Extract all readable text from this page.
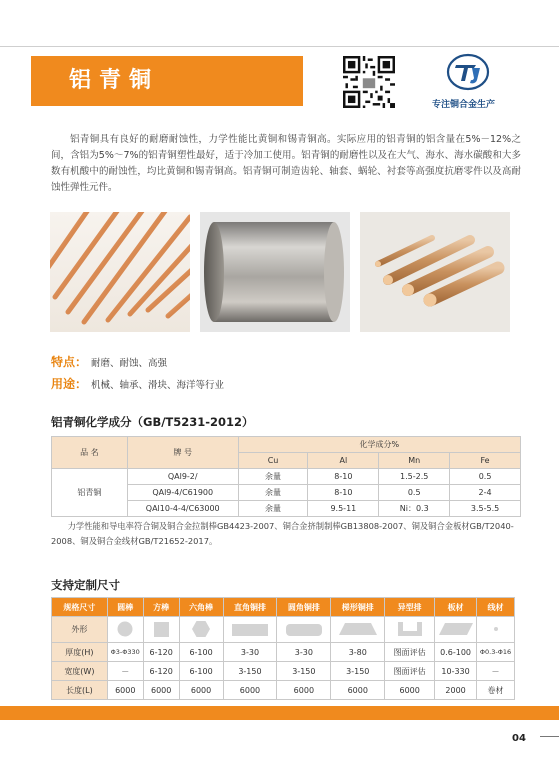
铝青铜
专注铜合金生产

铝青铜具有良好的耐磨耐蚀性，力学性能比黄铜和锡青铜高。实际应用的铝青铜的铝含量在5%－12%之间，含铝为5%～7%的铝青铜塑性最好，适于冷加工使用。铝青铜的耐磨性以及在大气、海水、海水碳酸和大多数有机酸中的耐蚀性，均比黄铜和锡青铜高。铝青铜可制造齿轮、轴套、蜗轮、衬套等高强度抗磨零件以及高耐蚀性弹性元件。

特点： 耐磨、耐蚀、高强
用途： 机械、轴承、滑块、海洋等行业
铝青铜化学成分（GB/T5231-2012）
品 名	牌 号	化学成分%			
		Cu	Al	Mn	Fe
铝青铜	QAl9-2/	余量	8-10	1.5-2.5	0.5
	QAl9-4/C61900	余量	8-10	0.5	2-4
	QAl10-4-4/C63000	余量	9.5-11	Ni：0.3	3.5-5.5

力学性能和导电率符合铜及铜合金拉制棒GB4423-2007、铜合金挤制制棒GB13808-2007、铜及铜合金板材GB/T2040-2008、铜及铜合金线材GB/T21652-2017。

支持定制尺寸
规格尺寸	圆棒	方棒	六角棒	直角铜排	圆角铜排	梯形铜排	异型排	板材	线材
外形									
厚度(H)	Φ3-Φ330	6-120	6-100	3-30	3-30	3-80	图面评估	0.6-100	Φ0.3-Φ16
宽度(W)	－	6-120	6-100	3-150	3-150	3-150	图面评估	10-330	－
长度(L)	6000	6000	6000	6000	6000	6000	6000	2000	卷材
04
